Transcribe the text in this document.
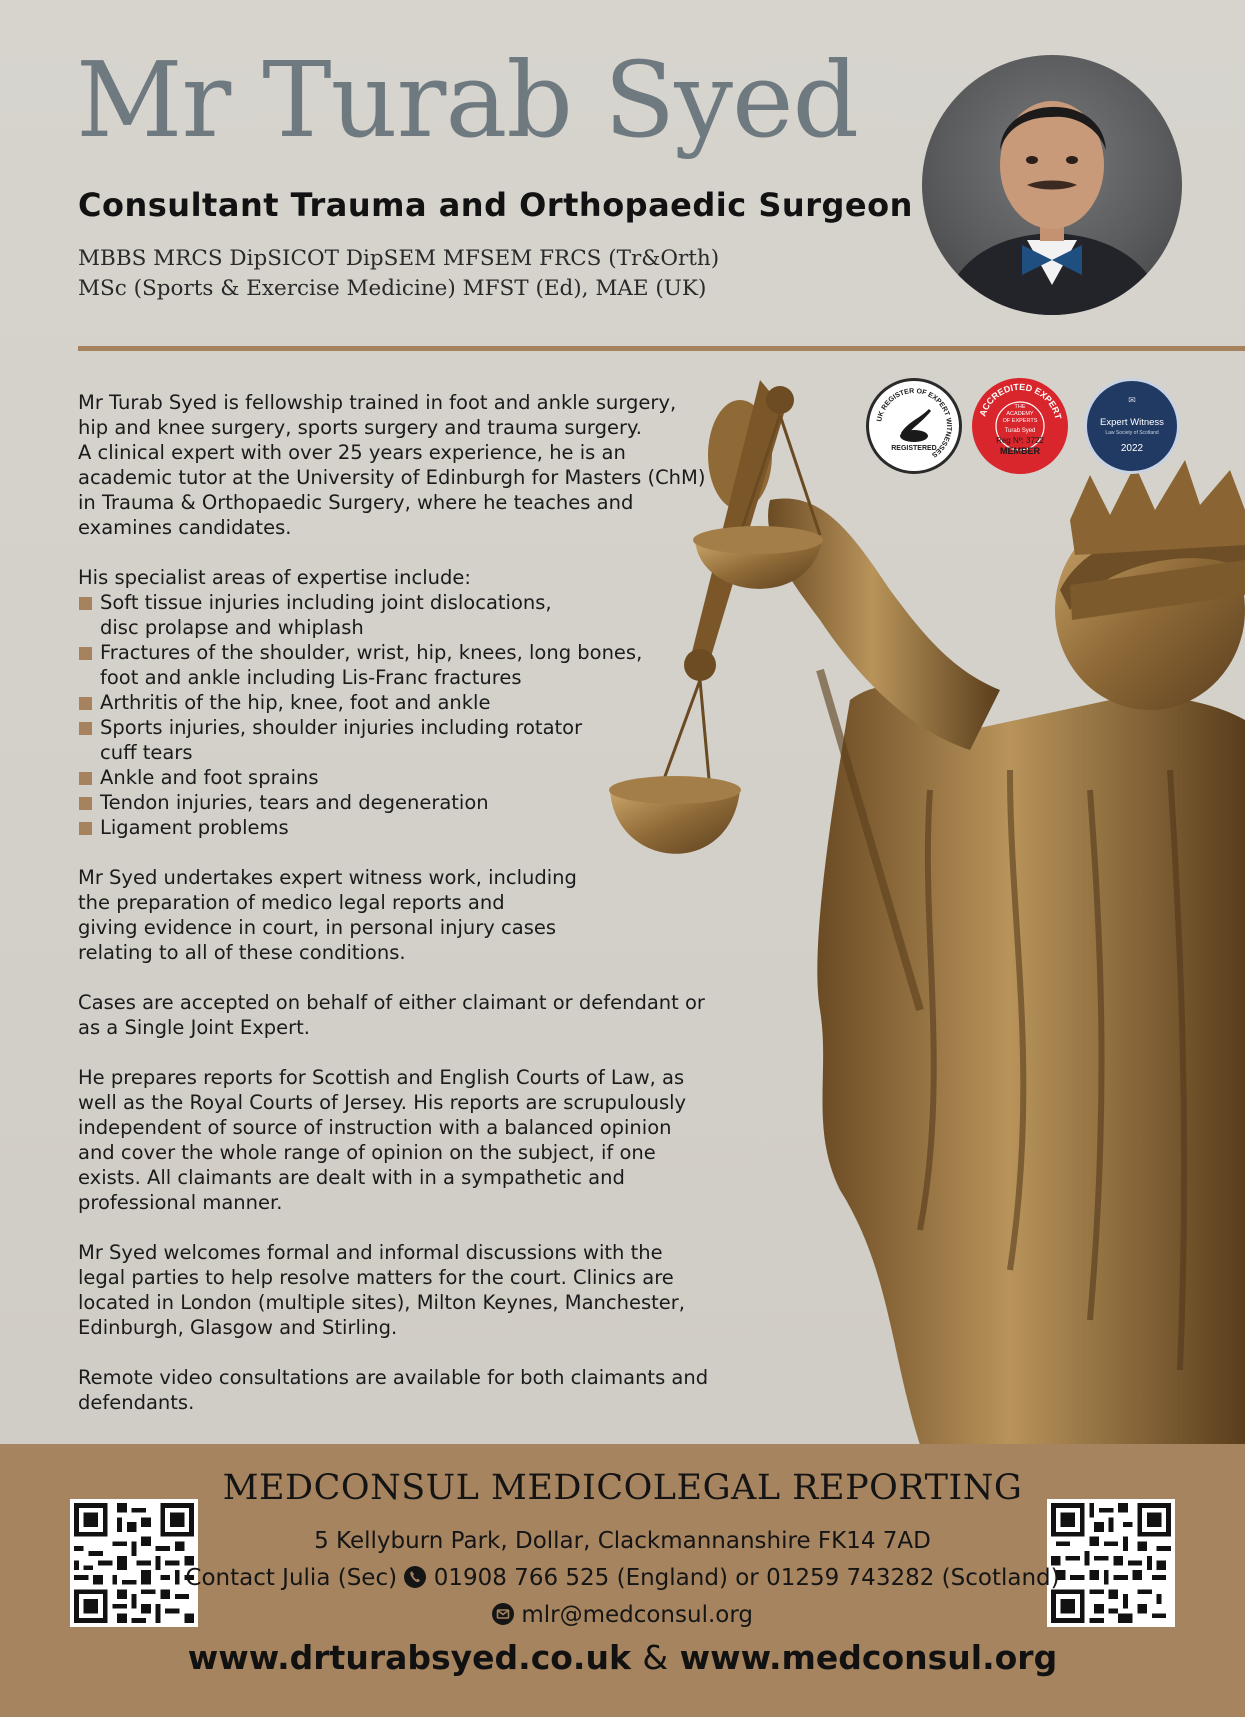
Mr Turab Syed
Consultant Trauma and Orthopaedic Surgeon
MBBS MRCS DipSICOT DipSEM MFSEM FRCS (Tr&Orth)
MSc (Sports & Exercise Medicine) MFST (Ed), MAE (UK)
UK REGISTER OF EXPERT WITNESSES
REGISTERED
ACCREDITED EXPERT
THE ACADEMY OF EXPERTS
Turab Syed
Reg Nº: 3722
MEMBER
✉
Expert Witness
Law Society of Scotland
2022

Mr Turab Syed is fellowship trained in foot and ankle surgery,
hip and knee surgery, sports surgery and trauma surgery.
A clinical expert with over 25 years experience, he is an
academic tutor at the University of Edinburgh for Masters (ChM)
in Trauma & Orthopaedic Surgery, where he teaches and
examines candidates.

His specialist areas of expertise include:

Soft tissue injuries including joint dislocations,
disc prolapse and whiplash
Fractures of the shoulder, wrist, hip, knees, long bones,
foot and ankle including Lis-Franc fractures
Arthritis of the hip, knee, foot and ankle
Sports injuries, shoulder injuries including rotator
cuff tears
Ankle and foot sprains
Tendon injuries, tears and degeneration
Ligament problems

Mr Syed undertakes expert witness work, including
the preparation of medico legal reports and
giving evidence in court, in personal injury cases
relating to all of these conditions.

Cases are accepted on behalf of either claimant or defendant or
as a Single Joint Expert.

He prepares reports for Scottish and English Courts of Law, as
well as the Royal Courts of Jersey. His reports are scrupulously
independent of source of instruction with a balanced opinion
and cover the whole range of opinion on the subject, if one
exists. All claimants are dealt with in a sympathetic and
professional manner.

Mr Syed welcomes formal and informal discussions with the
legal parties to help resolve matters for the court. Clinics are
located in London (multiple sites), Milton Keynes, Manchester,
Edinburgh, Glasgow and Stirling.

Remote video consultations are available for both claimants and
defendants.

MEDCONSUL MEDICOLEGAL REPORTING
5 Kellyburn Park, Dollar, Clackmannanshire FK14 7AD
Contact Julia (Sec) 01908 766 525 (England) or 01259 743282 (Scotland)
mlr@medconsul.org
www.drturabsyed.co.uk & www.medconsul.org
